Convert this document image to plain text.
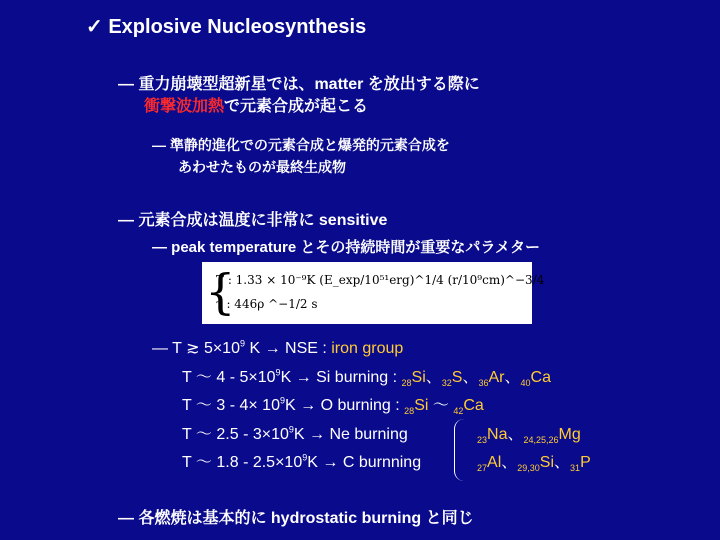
✓ Explosive Nucleosynthesis
— 重力崩壊型超新星では、matter を放出する際に
衝撃波加熱で元素合成が起こる
— 準静的進化での元素合成と爆発的元素合成を
あわせたものが最終生成物
— 元素合成は温度に非常に sensitive
— peak temperature とその持続時間が重要なパラメター
{
T : 1.33 × 10⁻⁹K (E_exp/10⁵¹erg)^1/4 (r/10⁹cm)^−3/4
τ : 446ρ ^−1/2 s
— T ≳ $5\times 10^9$ K → NSE : iron group
T ～ $4 - 5\times 10^9K \to Si$ burning : $_{28}$Si、$_{32}$S、$_{36}$Ar、$_{40}$Ca
T ～ $3 - 4\times 10^9K \to O$ burning : $_{28}$Si ～ $_{42}$Ca
$_{23}$Na、$_{24,25,26}$Mg
T ～ $2.5 - 3\times 10^9K \to Ne$ burning
$_{27}$Al、$_{29,30}$Si、$_{31}$P
T ～ $1.8 - 2.5\times 10^9K \to C$ burnning
— 各燃焼は基本的に hydrostatic burning と同じ
